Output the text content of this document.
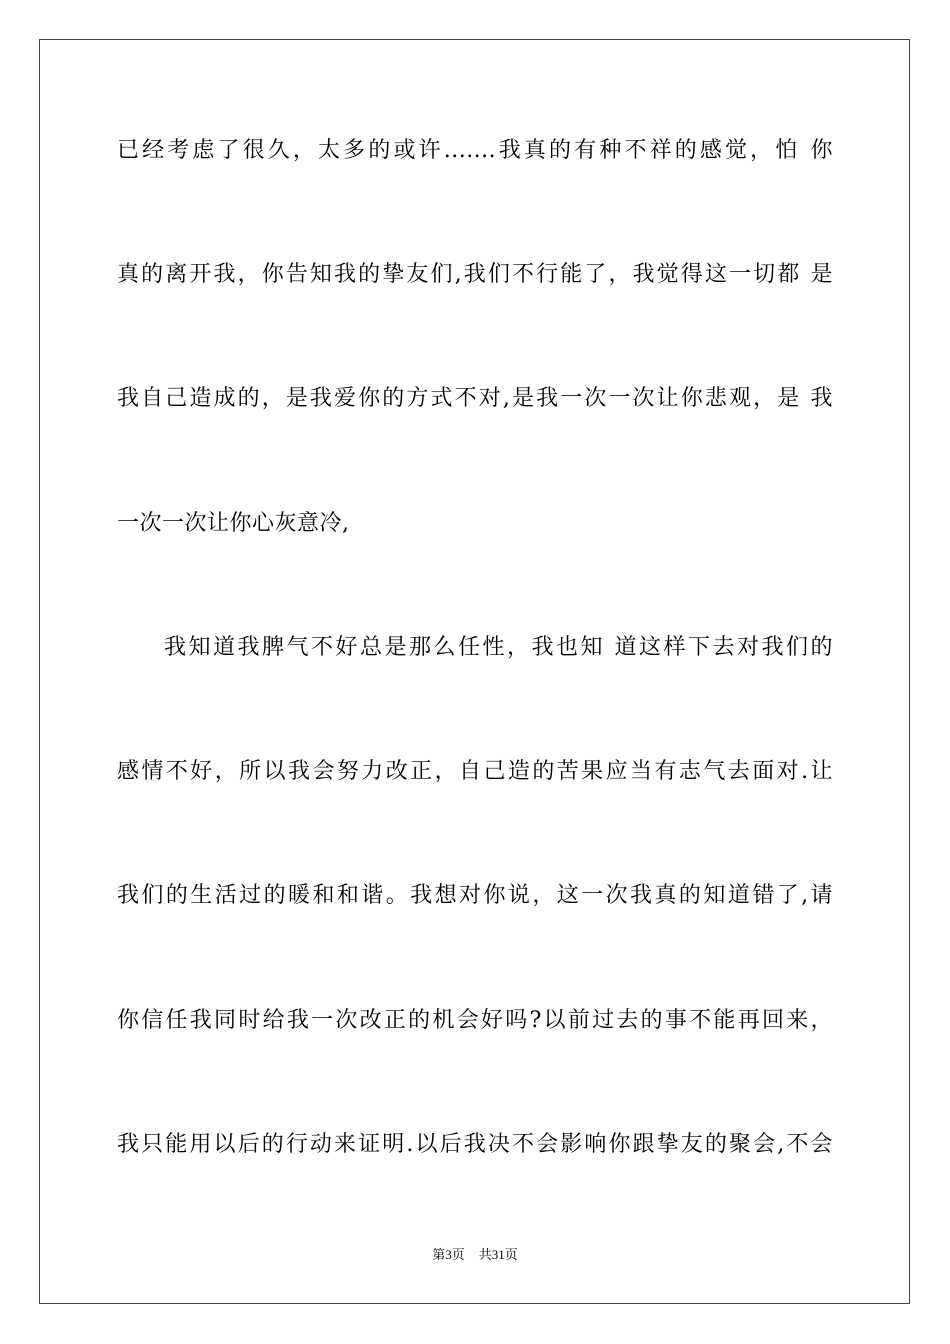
已经考虑了很久，太多的或许.......我真的有种不祥的感觉，怕 你
真的离开我，你告知我的挚友们,我们不行能了，我觉得这一切都 是
我自己造成的，是我爱你的方式不对,是我一次一次让你悲观，是 我
一次一次让你心灰意冷,
我知道我脾气不好总是那么任性，我也知 道这样下去对我们的
感情不好，所以我会努力改正，自己造的苦果应当有志气去面对.让
我们的生活过的暖和和谐。我想对你说，这一次我真的知道错了,请
你信任我同时给我一次改正的机会好吗?以前过去的事不能再回来，
我只能用以后的行动来证明.以后我决不会影响你跟挚友的聚会,不会
第3页 共31页
